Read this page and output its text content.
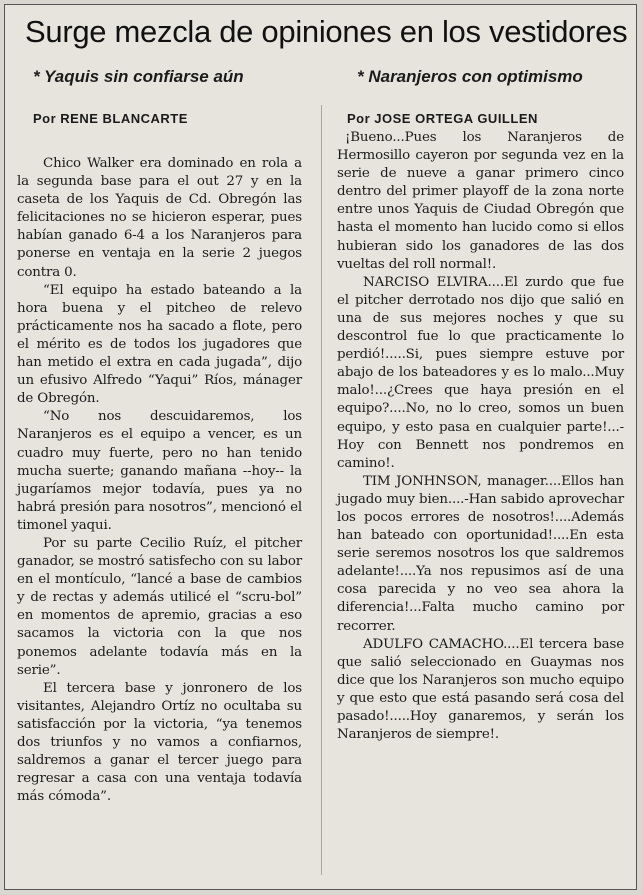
Surge mezcla de opiniones en los vestidores
* Yaquis sin confiarse aún	* Naranjeros con optimismo
Por RENE BLANCARTE	Por JOSE ORTEGA GUILLEN

Chico Walker era dominado en rola a la segunda base para el out 27 y en la caseta de los Yaquis de Cd. Obregón las felicitaciones no se hicieron esperar, pues habían ganado 6-4 a los Naranjeros para ponerse en ventaja en la serie 2 juegos contra 0.

“El equipo ha estado bateando a la hora buena y el pitcheo de relevo prácticamente nos ha sacado a flote, pero el mérito es de todos los jugadores que han metido el extra en cada jugada”, dijo un efusivo Alfredo “Yaqui” Ríos, mánager de Obregón.

“No nos descuidaremos, los Naranjeros es el equipo a vencer, es un cuadro muy fuerte, pero no han tenido mucha suerte; ganando mañana --hoy-- la jugaríamos mejor todavía, pues ya no habrá presión para nosotros”, mencionó el timonel yaqui.

Por su parte Cecilio Ruíz, el pitcher ganador, se mostró satisfecho con su labor en el montículo, “lancé a base de cambios y de rectas y además utilicé el “scru-bol” en momentos de apremio, gracias a eso sacamos la victoria con la que nos ponemos adelante todavía más en la serie”.

El tercera base y jonronero de los visitantes, Alejandro Ortíz no ocultaba su satisfacción por la victoria, “ya tenemos dos triunfos y no vamos a confiarnos, saldremos a ganar el tercer juego para regresar a casa con una ventaja todavía más cómoda”.

¡Bueno...Pues los Naranjeros de Hermosillo cayeron por segunda vez en la serie de nueve a ganar primero cinco dentro del primer playoff de la zona norte entre unos Yaquis de Ciudad Obregón que hasta el momento han lucido como si ellos hubieran sido los ganadores de las dos vueltas del roll normal!.

NARCISO ELVIRA....El zurdo que fue el pitcher derrotado nos dijo que salió en una de sus mejores noches y que su descontrol fue lo que practicamente lo perdió!.....Si, pues siempre estuve por abajo de los bateadores y es lo malo...Muy malo!...¿Crees que haya presión en el equipo?....No, no lo creo, somos un buen equipo, y esto pasa en cualquier parte!...-Hoy con Bennett nos pondremos en camino!.

TIM JONHNSON, manager....Ellos han jugado muy bien....-Han sabido aprovechar los pocos errores de nosotros!....Además han bateado con oportunidad!....En esta serie seremos nosotros los que saldremos adelante!....Ya nos repusimos así de una cosa parecida y no veo sea ahora la diferencia!...Falta mucho camino por recorrer.

ADULFO CAMACHO....El tercera base que salió seleccionado en Guaymas nos dice que los Naranjeros son mucho equipo y que esto que está pasando será cosa del pasado!.....Hoy ganaremos, y serán los Naranjeros de siempre!.
